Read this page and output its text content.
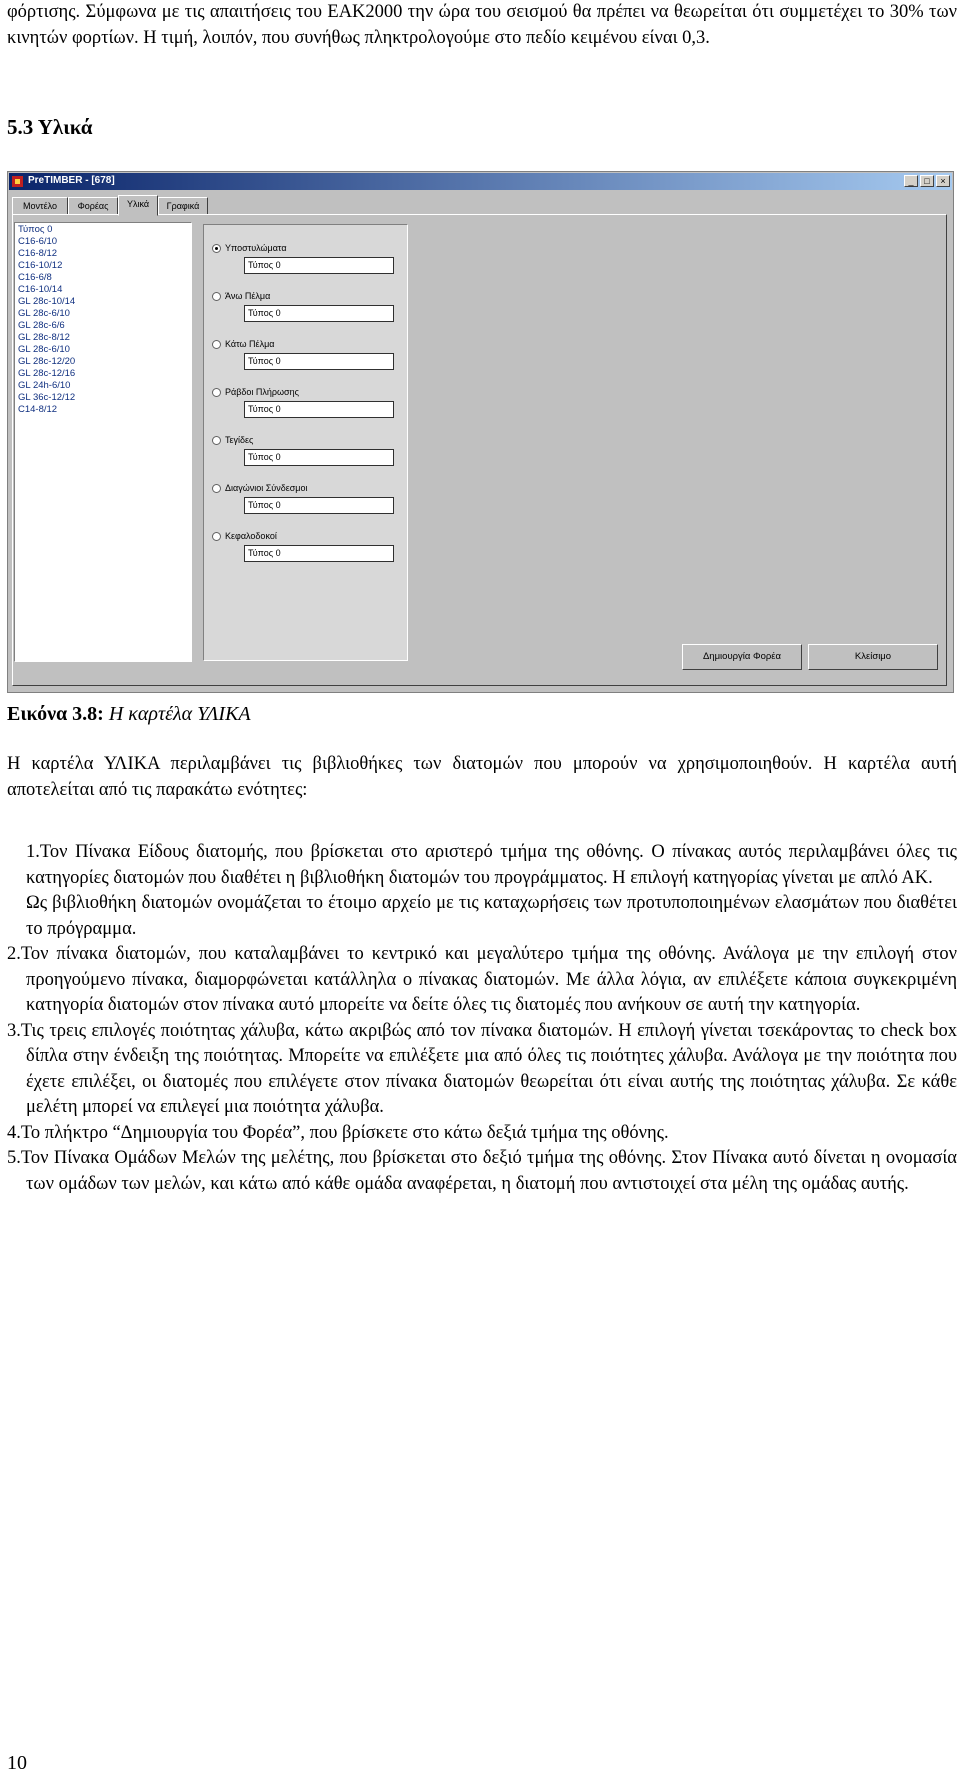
φόρτισης. Σύμφωνα με τις απαιτήσεις του ΕΑΚ2000 την ώρα του σεισμού θα πρέπει να θεωρείται ότι συμμετέχει το 30% των κινητών φορτίων. Η τιμή, λοιπόν, που συνήθως πληκτρολογούμε στο πεδίο κειμένου είναι 0,3.

5.3 Υλικά
PreTIMBER - [678]	_ □ ×
Μοντέλο	Φορέας	Υλικά	Γραφικά
Τύπος 0
C16-6/10
C16-8/12
C16-10/12
C16-6/8
C16-10/14
GL 28c-10/14
GL 28c-6/10
GL 28c-6/6
GL 28c-8/12
GL 28c-6/10
GL 28c-12/20
GL 28c-12/16
GL 24h-6/10
GL 36c-12/12
C14-8/12
Υποστυλώματα
Τύπος 0
Άνω Πέλμα
Τύπος 0
Κάτω Πέλμα
Τύπος 0
Ράβδοι Πλήρωσης
Τύπος 0
Τεγίδες
Τύπος 0
Διαγώνιοι Σύνδεσμοι
Τύπος 0
Κεφαλοδοκοί
Τύπος 0
Δημιουργία Φορέα	Κλείσιμο

Εικόνα 3.8: Η καρτέλα ΥΛΙΚΑ

Η καρτέλα ΥΛΙΚΑ περιλαμβάνει τις βιβλιοθήκες των διατομών που μπορούν να χρησιμοποιηθούν. Η καρτέλα αυτή αποτελείται από τις παρακάτω ενότητες:

1.Τον Πίνακα Είδους διατομής, που βρίσκεται στο αριστερό τμήμα της οθόνης. Ο πίνακας αυτός περιλαμβάνει όλες τις κατηγορίες διατομών που διαθέτει η βιβλιοθήκη διατομών του προγράμματος. Η επιλογή κατηγορίας γίνεται με απλό ΑΚ.

Ως βιβλιοθήκη διατομών ονομάζεται το έτοιμο αρχείο με τις καταχωρήσεις των προτυποποιημένων ελασμάτων που διαθέτει το πρόγραμμα.

2.Τον πίνακα διατομών, που καταλαμβάνει το κεντρικό και μεγαλύτερο τμήμα της οθόνης. Ανάλογα με την επιλογή στον προηγούμενο πίνακα, διαμορφώνεται κατάλληλα ο πίνακας διατομών. Με άλλα λόγια, αν επιλέξετε κάποια συγκεκριμένη κατηγορία διατομών στον πίνακα αυτό μπορείτε να δείτε όλες τις διατομές που ανήκουν σε αυτή την κατηγορία.
3.Τις τρεις επιλογές ποιότητας χάλυβα, κάτω ακριβώς από τον πίνακα διατομών. Η επιλογή γίνεται τσεκάροντας το check box δίπλα στην ένδειξη της ποιότητας. Μπορείτε να επιλέξετε μια από όλες τις ποιότητες χάλυβα. Ανάλογα με την ποιότητα που έχετε επιλέξει, οι διατομές που επιλέγετε στον πίνακα διατομών θεωρείται ότι είναι αυτής της ποιότητας χάλυβα. Σε κάθε μελέτη μπορεί να επιλεγεί μια ποιότητα χάλυβα.
4.Το πλήκτρο “Δημιουργία του Φορέα”, που βρίσκετε στο κάτω δεξιά τμήμα της οθόνης.
5.Τον Πίνακα Ομάδων Μελών της μελέτης, που βρίσκεται στο δεξιό τμήμα της οθόνης. Στον Πίνακα αυτό δίνεται η ονομασία των ομάδων των μελών, και κάτω από κάθε ομάδα αναφέρεται, η διατομή που αντιστοιχεί στα μέλη της ομάδας αυτής.

10
